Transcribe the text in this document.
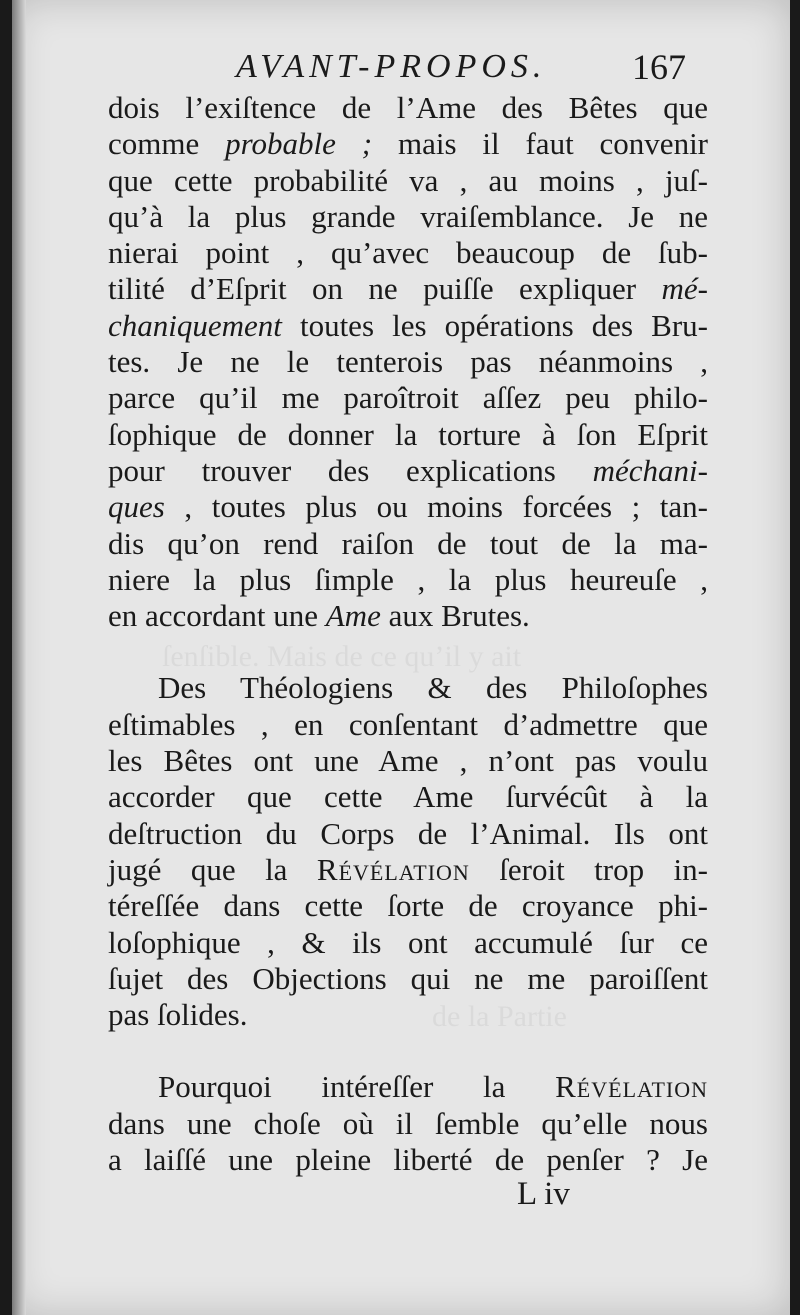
ſenſible. Mais de ce qu’il y ait
de la Partie
AVANT-PROPOS. 167
dois l’exiſtence de l’Ame des Bêtes que
comme probable ; mais il faut convenir
que cette probabilité va , au moins , juſ-
qu’à la plus grande vraiſemblance. Je ne
nierai point , qu’avec beaucoup de ſub-
tilité d’Eſprit on ne puiſſe expliquer mé-
chaniquement toutes les opérations des Bru-
tes. Je ne le tenterois pas néanmoins ,
parce qu’il me paroîtroit aſſez peu philo-
ſophique de donner la torture à ſon Eſprit
pour trouver des explications méchani-
ques , toutes plus ou moins forcées ; tan-
dis qu’on rend raiſon de tout de la ma-
niere la plus ſimple , la plus heureuſe ,
en accordant une Ame aux Brutes.
Des Théologiens & des Philoſophes
eſtimables , en conſentant d’admettre que
les Bêtes ont une Ame , n’ont pas voulu
accorder que cette Ame ſurvécût à la
deſtruction du Corps de l’Animal. Ils ont
jugé que la Révélation ſeroit trop in-
téreſſée dans cette ſorte de croyance phi-
loſophique , & ils ont accumulé ſur ce
ſujet des Objections qui ne me paroiſſent
pas ſolides.
Pourquoi intéreſſer la Révélation
dans une choſe où il ſemble qu’elle nous
a laiſſé une pleine liberté de penſer ? Je
L iv
